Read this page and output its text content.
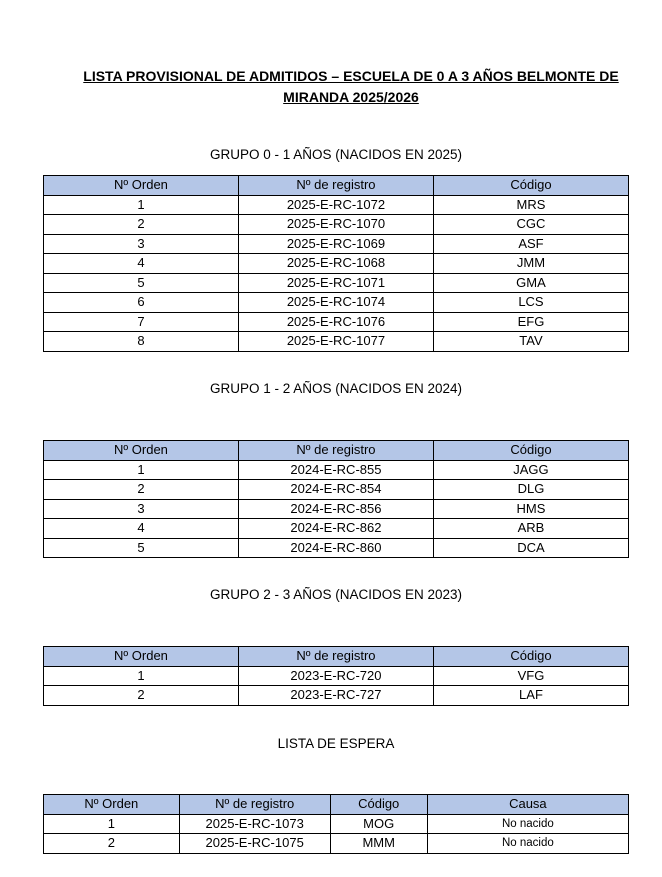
LISTA PROVISIONAL DE ADMITIDOS – ESCUELA DE 0 A 3 AÑOS BELMONTE DE
MIRANDA 2025/2026
GRUPO 0 - 1 AÑOS (NACIDOS EN 2025)
Nº Orden	Nº de registro	Código
1	2025-E-RC-1072	MRS
2	2025-E-RC-1070	CGC
3	2025-E-RC-1069	ASF
4	2025-E-RC-1068	JMM
5	2025-E-RC-1071	GMA
6	2025-E-RC-1074	LCS
7	2025-E-RC-1076	EFG
8	2025-E-RC-1077	TAV
GRUPO 1 - 2 AÑOS (NACIDOS EN 2024)
Nº Orden	Nº de registro	Código
1	2024-E-RC-855	JAGG
2	2024-E-RC-854	DLG
3	2024-E-RC-856	HMS
4	2024-E-RC-862	ARB
5	2024-E-RC-860	DCA
GRUPO 2 - 3 AÑOS (NACIDOS EN 2023)
Nº Orden	Nº de registro	Código
1	2023-E-RC-720	VFG
2	2023-E-RC-727	LAF
LISTA DE ESPERA
Nº Orden	Nº de registro	Código	Causa
1	2025-E-RC-1073	MOG	No nacido
2	2025-E-RC-1075	MMM	No nacido
